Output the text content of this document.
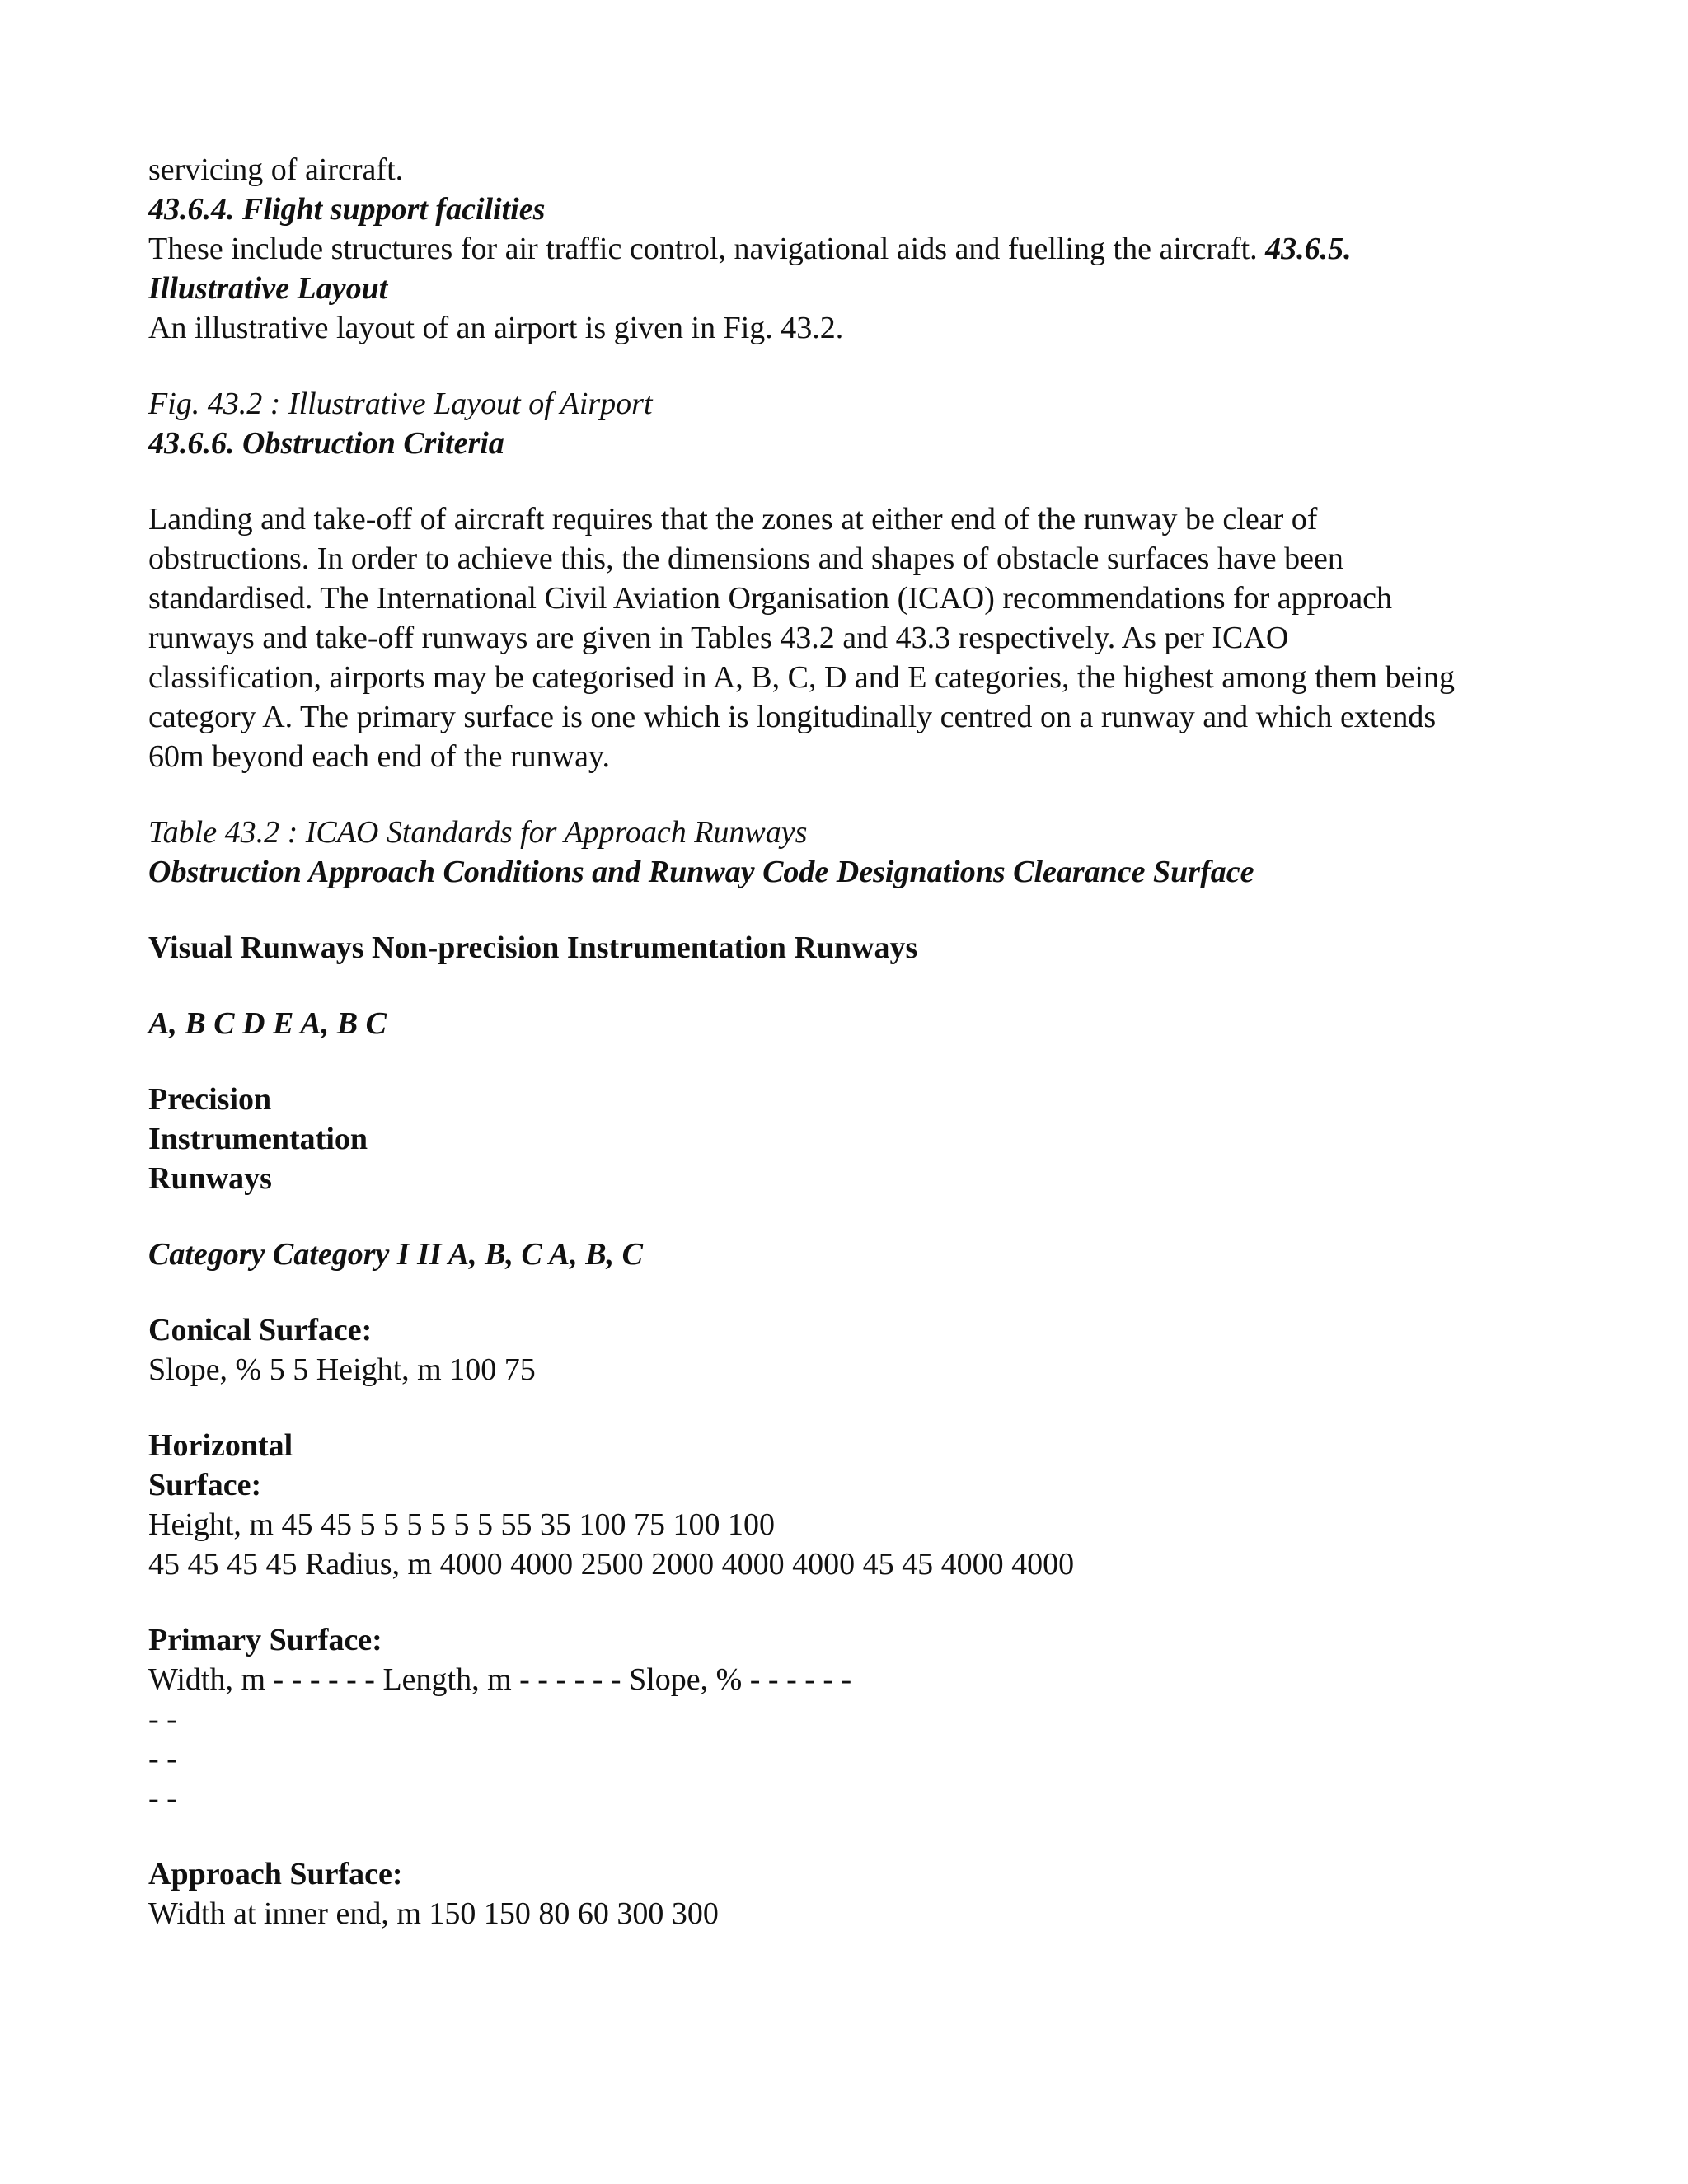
servicing of aircraft.
43.6.4. Flight support facilities
These include structures for air traffic control, navigational aids and fuelling the aircraft. 43.6.5.
Illustrative Layout
An illustrative layout of an airport is given in Fig. 43.2.
Fig. 43.2 : Illustrative Layout of Airport
43.6.6. Obstruction Criteria
Landing and take-off of aircraft requires that the zones at either end of the runway be clear of
obstructions. In order to achieve this, the dimensions and shapes of obstacle surfaces have been
standardised. The International Civil Aviation Organisation (ICAO) recommendations for approach
runways and take-off runways are given in Tables 43.2 and 43.3 respectively. As per ICAO
classification, airports may be categorised in A, B, C, D and E categories, the highest among them being
category A. The primary surface is one which is longitudinally centred on a runway and which extends
60m beyond each end of the runway.
Table 43.2 : ICAO Standards for Approach Runways
Obstruction Approach Conditions and Runway Code Designations Clearance Surface
Visual Runways Non-precision Instrumentation Runways
A, B C D E A, B C
Precision
Instrumentation
Runways
Category Category I II A, B, C A, B, C
Conical Surface:
Slope, % 5 5 Height, m 100 75
Horizontal
Surface:
Height, m 45 45 5 5 5 5 5 5 55 35 100 75 100 100
45 45 45 45 Radius, m 4000 4000 2500 2000 4000 4000 45 45 4000 4000
Primary Surface:
Width, m - - - - - - Length, m - - - - - - Slope, % - - - - - -
- -
- -
- -
Approach Surface:
Width at inner end, m 150 150 80 60 300 300
